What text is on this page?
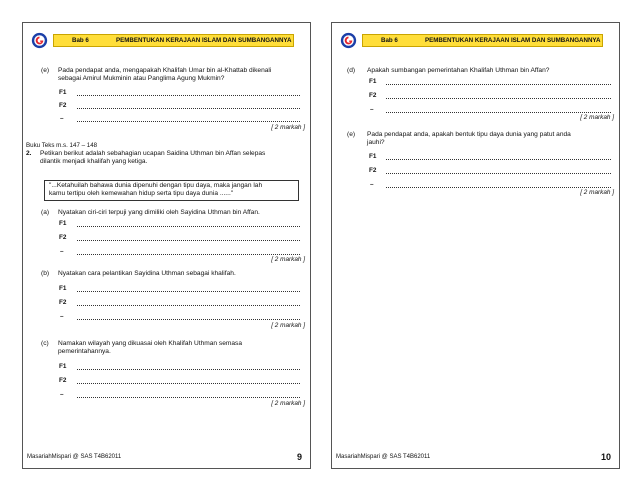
Bab 6	PEMBENTUKAN KERAJAAN ISLAM DAN SUMBANGANNYA
(e) Pada pendapat anda, mengapakah Khalifah Umar bin al-Khattab dikenali
sebagai Amirul Mukminin atau Panglima Agung Mukmin?
F1
F2
–
[ 2 markah ]
Buku Teks m.s. 147 – 148
2. Petikan berikut adalah sebahagian ucapan Saidina Uthman bin Affan selepas
dilantik menjadi khalifah yang ketiga.
"...Ketahuilah bahawa dunia dipenuhi dengan tipu daya, maka jangan lah
kamu tertipu oleh kemewahan hidup serta tipu daya dunia ......"
(a) Nyatakan ciri-ciri terpuji yang dimiliki oleh Sayidina Uthman bin Affan.
F1
F2
–
[ 2 markah ]
(b) Nyatakan cara pelantikan Sayidina Uthman sebagai khalifah.
F1
F2
–
[ 2 markah ]
(c) Namakan wilayah yang dikuasai oleh Khalifah Uthman semasa
pemerintahannya.
F1
F2
–
[ 2 markah ]
MasariahMispari @ SAS T4B62011	9
Bab 6	PEMBENTUKAN KERAJAAN ISLAM DAN SUMBANGANNYA
(d) Apakah sumbangan pemerintahan Khalifah Uthman bin Affan?
F1
F2
–
[ 2 markah ]
(e) Pada pendapat anda, apakah bentuk tipu daya dunia yang patut anda
jauhi?
F1
F2
–
[ 2 markah ]
MasariahMispari @ SAS T4B62011	10
